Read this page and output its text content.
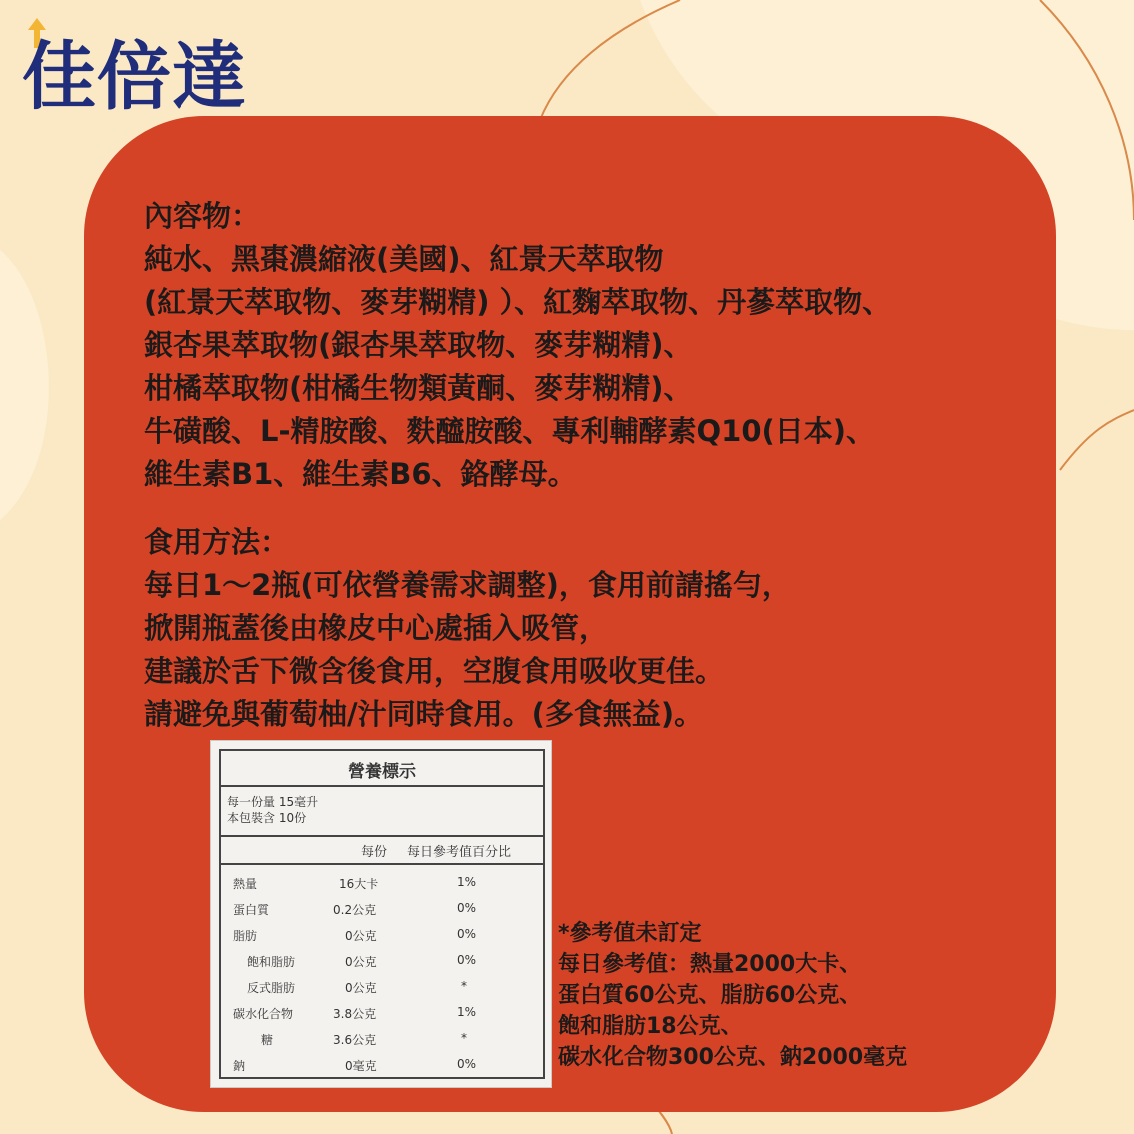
佳倍達
內容物：
純水、黑棗濃縮液(美國)、紅景天萃取物
(紅景天萃取物、麥芽糊精) ）、紅麴萃取物、丹蔘萃取物、
銀杏果萃取物(銀杏果萃取物、麥芽糊精)、
柑橘萃取物(柑橘生物類黃酮、麥芽糊精)、
牛磺酸、L-精胺酸、麩醯胺酸、專利輔酵素Q10(日本)、
維生素B1、維生素B6、鉻酵母。
食用方法：
每日1～2瓶(可依營養需求調整)，食用前請搖勻，
掀開瓶蓋後由橡皮中心處插入吸管，
建議於舌下微含後食用，空腹食用吸收更佳。
請避免與葡萄柚/汁同時食用。(多食無益)。
營養標示
每一份量 15毫升
本包裝含 10份
每份 每日參考值百分比
熱量	16大卡	1%
蛋白質	0.2公克	0%
脂肪	0公克	0%
飽和脂肪	0公克	0%
反式脂肪	0公克	*
碳水化合物	3.8公克	1%
糖	3.6公克	*
鈉	0毫克	0%
*參考值未訂定
每日參考值：熱量2000大卡、
蛋白質60公克、脂肪60公克、
飽和脂肪18公克、
碳水化合物300公克、鈉2000毫克
